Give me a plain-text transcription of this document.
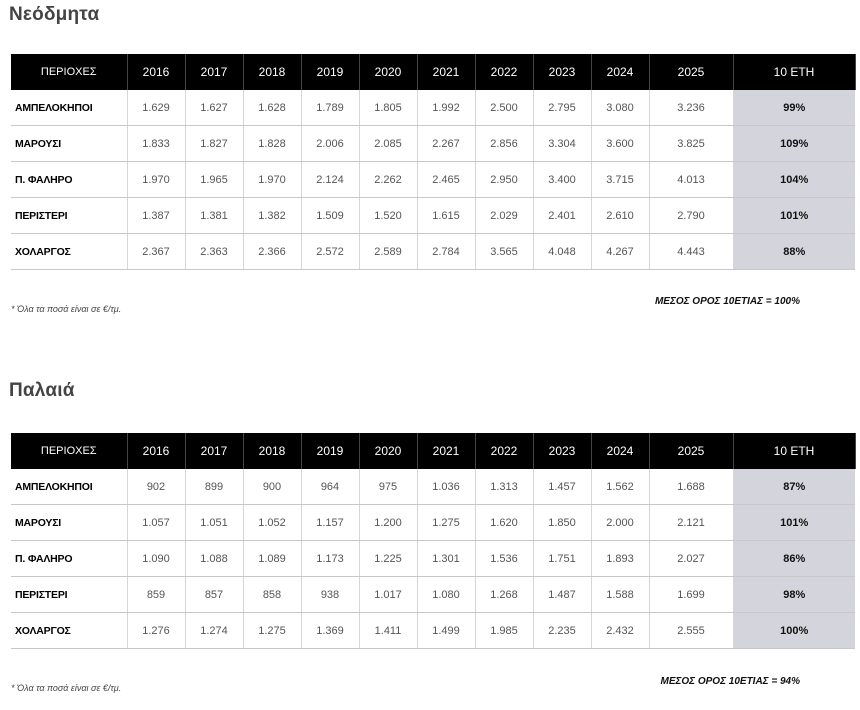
Νεόδμητα
ΠΕΡΙΟΧΕΣ	2016	2017	2018	2019	2020	2021	2022	2023	2024	2025	10 ΕΤΗ
ΑΜΠΕΛΟΚΗΠΟΙ	1.629	1.627	1.628	1.789	1.805	1.992	2.500	2.795	3.080	3.236	99%
ΜΑΡΟΥΣΙ	1.833	1.827	1.828	2.006	2.085	2.267	2.856	3.304	3.600	3.825	109%
Π. ΦΑΛΗΡΟ	1.970	1.965	1.970	2.124	2.262	2.465	2.950	3.400	3.715	4.013	104%
ΠΕΡΙΣΤΕΡΙ	1.387	1.381	1.382	1.509	1.520	1.615	2.029	2.401	2.610	2.790	101%
ΧΟΛΑΡΓΟΣ	2.367	2.363	2.366	2.572	2.589	2.784	3.565	4.048	4.267	4.443	88%
* Όλα τα ποσά είναι σε €/τμ.
ΜΕΣΟΣ ΟΡΟΣ 10ΕΤΙΑΣ = 100%
Παλαιά
ΠΕΡΙΟΧΕΣ	2016	2017	2018	2019	2020	2021	2022	2023	2024	2025	10 ΕΤΗ
ΑΜΠΕΛΟΚΗΠΟΙ	902	899	900	964	975	1.036	1.313	1.457	1.562	1.688	87%
ΜΑΡΟΥΣΙ	1.057	1.051	1.052	1.157	1.200	1.275	1.620	1.850	2.000	2.121	101%
Π. ΦΑΛΗΡΟ	1.090	1.088	1.089	1.173	1.225	1.301	1.536	1.751	1.893	2.027	86%
ΠΕΡΙΣΤΕΡΙ	859	857	858	938	1.017	1.080	1.268	1.487	1.588	1.699	98%
ΧΟΛΑΡΓΟΣ	1.276	1.274	1.275	1.369	1.411	1.499	1.985	2.235	2.432	2.555	100%
* Όλα τα ποσά είναι σε €/τμ.
ΜΕΣΟΣ ΟΡΟΣ 10ΕΤΙΑΣ = 94%
